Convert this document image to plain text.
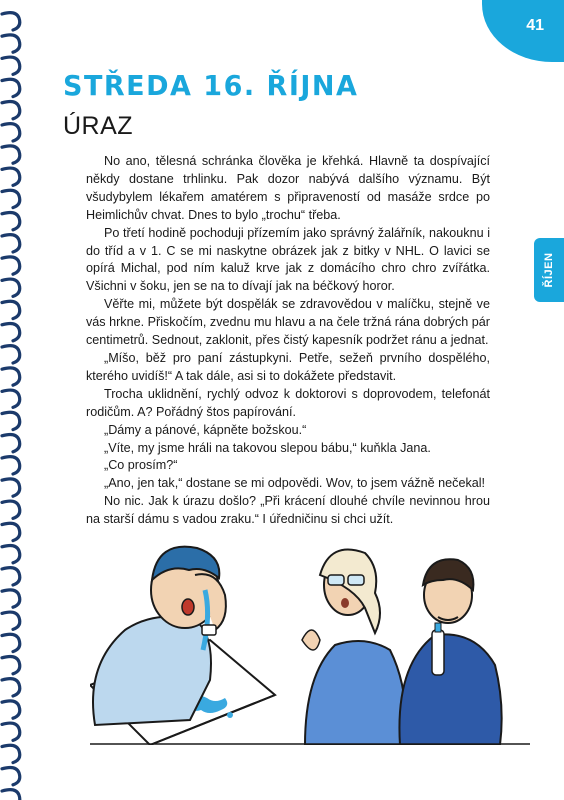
41
ŘÍJEN
STŘEDA 16. ŘÍJNA
ÚRAZ

No ano, tělesná schránka člověka je křehká. Hlavně ta dospívající někdy dostane trhlinku. Pak dozor nabývá dalšího významu. Být všudybylem lékařem amatérem s připraveností od masáže srdce po Heimlichův chvat. Dnes to bylo „trochu“ třeba.

Po třetí hodině pochoduji přízemím jako správný žalářník, nakouknu i do tříd a v 1. C se mi naskytne obrázek jak z bitky v NHL. O lavici se opírá Michal, pod ním kaluž krve jak z domácího chro chro zvířátka. Všichni v šoku, jen se na to dívají jak na béčkový horor.

Věřte mi, můžete být dospělák se zdravovědou v malíčku, stejně ve vás hrkne. Přiskočím, zvednu mu hlavu a na čele tržná rána dobrých pár centimetrů. Sednout, zaklonit, přes čistý kapesník podržet ránu a jednat.

„Míšo, běž pro paní zástupkyni. Petře, sežeň prvního dospělého, kterého uvidíš!“ A tak dále, asi si to dokážete představit.

Trocha uklidnění, rychlý odvoz k doktorovi s doprovodem, telefonát rodičům. A? Pořádný štos papírování.

„Dámy a pánové, kápněte božskou.“

„Víte, my jsme hráli na takovou slepou bábu,“ kuňkla Jana.

„Co prosím?“

„Ano, jen tak,“ dostane se mi odpovědi. Wov, to jsem vážně nečekal!

No nic. Jak k úrazu došlo? „Při krácení dlouhé chvíle nevinnou hrou na starší dámu s vadou zraku.“ I úředničinu si chci užít.
